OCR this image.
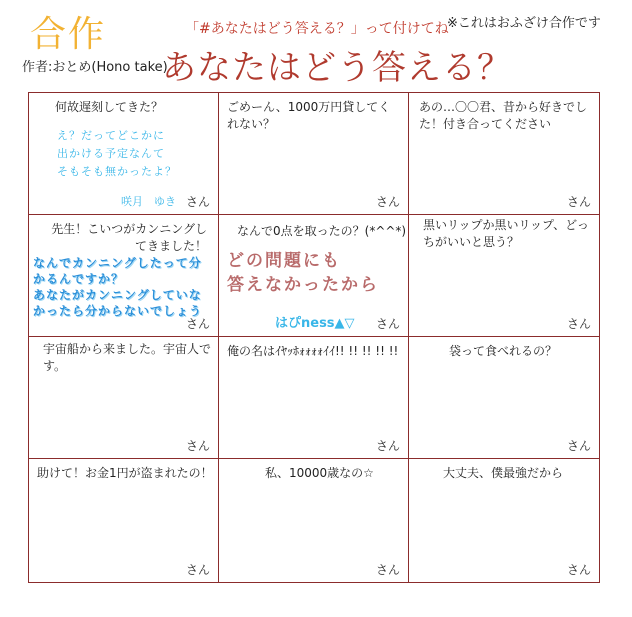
合作	「#あなたはどう答える？」って付けてね
※これはおふざけ合作です
作者:おとめ(Hono take)
あなたはどう答える？
何故遅刻してきた？
え？だってどこかに
出かける予定なんて
そもそも無かったよ？
咲月　ゆき さん
ごめーん、1000万円貸してくれない？
さん
あの…〇〇君、昔から好きでした！付き合ってください
さん
先生！こいつがカンニングしてきました！
なんでカンニングしたって分
かるんですか？
あなたがカンニングしていな
かったら分からないでしょう
さん
なんで0点を取ったの？(*^^*)
どの問題にも
答えなかったから
はぴness▲▽ さん
黒いリップか黒いリップ、どっちがいいと思う？
さん
宇宙船から来ました。宇宙人です。
さん
俺の名はｲﾔｯﾎｫｫｫｫｲｲ!! !! !! !! !!
さん
袋って食べれるの？
さん
助けて！お金1円が盗まれたの！
さん
私、10000歳なの☆
さん
大丈夫、僕最強だから
さん
